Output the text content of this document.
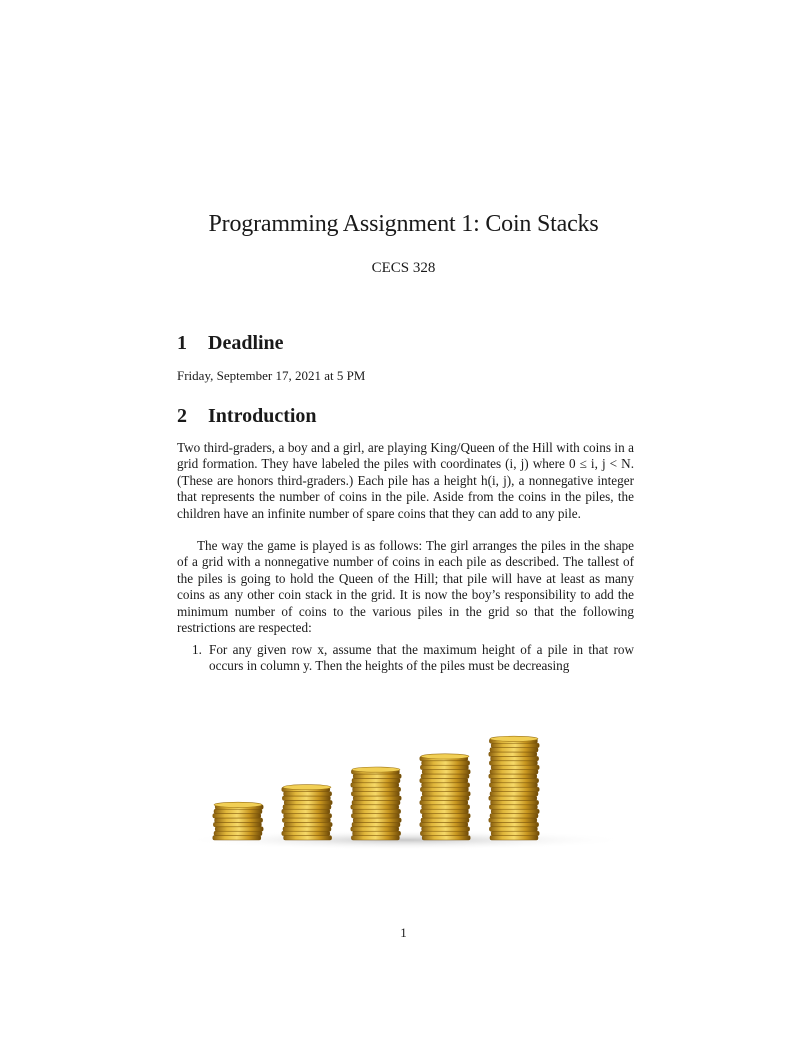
Programming Assignment 1: Coin Stacks

CECS 328

1 Deadline

Friday, September 17, 2021 at 5 PM

2 Introduction

Two third-graders, a boy and a girl, are playing King/Queen of the Hill with coins in a grid formation. They have labeled the piles with coordinates (i, j) where 0 ≤ i, j < N. (These are honors third-graders.) Each pile has a height h(i, j), a nonnegative integer that represents the number of coins in the pile. Aside from the coins in the piles, the children have an infinite number of spare coins that they can add to any pile.

The way the game is played is as follows: The girl arranges the piles in the shape of a grid with a nonnegative number of coins in each pile as described. The tallest of the piles is going to hold the Queen of the Hill; that pile will have at least as many coins as any other coin stack in the grid. It is now the boy’s responsibility to add the minimum number of coins to the various piles in the grid so that the following restrictions are respected:

1. For any given row x, assume that the maximum height of a pile in that row occurs in column y. Then the heights of the piles must be decreasing

1
